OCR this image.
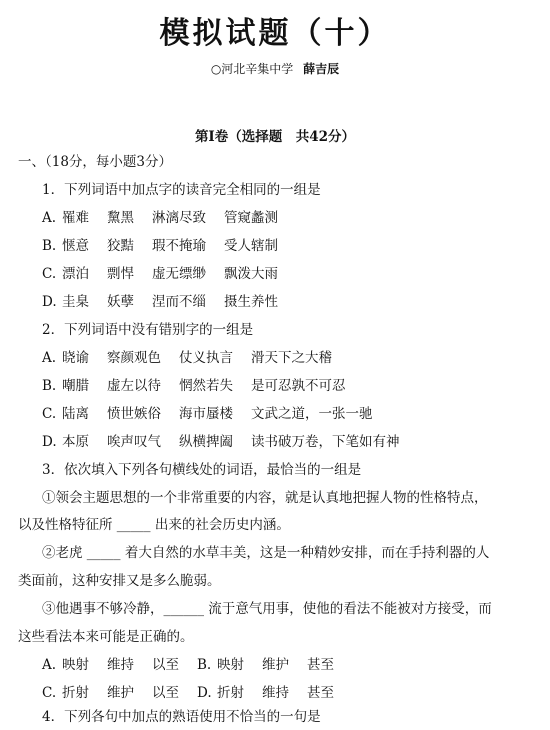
模拟试题（十）
○河北辛集中学 薛吉辰
第Ⅰ卷（选择题　共42分）
一、（18分，每小题3分）
1．下列词语中加点字的读音完全相同的一组是
A. 罹难 黧黑 淋漓尽致 管窥蠡测
B. 惬意 狡黠 瑕不掩瑜 受人辖制
C. 漂泊 剽悍 虚无缥缈 飘泼大雨
D. 圭臬 妖孽 涅而不缁 摄生养性
2．下列词语中没有错别字的一组是
A. 晓谕 察颜观色 仗义执言 滑天下之大稽
B. 嘲腊 虚左以待 惘然若失 是可忍孰不可忍
C. 陆离 愤世嫉俗 海市蜃楼 文武之道，一张一驰
D. 本原 唉声叹气 纵横捭阖 读书破万卷，下笔如有神
3．依次填入下列各句横线处的词语，最恰当的一组是
①领会主题思想的一个非常重要的内容，就是认真地把握人物的性格特点，
以及性格特征所 _____ 出来的社会历史内涵。
②老虎 _____ 着大自然的水草丰美，这是一种精妙安排，而在手持利器的人
类面前，这种安排又是多么脆弱。
③他遇事不够冷静，______ 流于意气用事，使他的看法不能被对方接受，而
这些看法本来可能是正确的。
A. 映射 维持 以至 B. 映射 维护 甚至
C. 折射 维护 以至 D. 折射 维持 甚至
4．下列各句中加点的熟语使用不恰当的一句是
